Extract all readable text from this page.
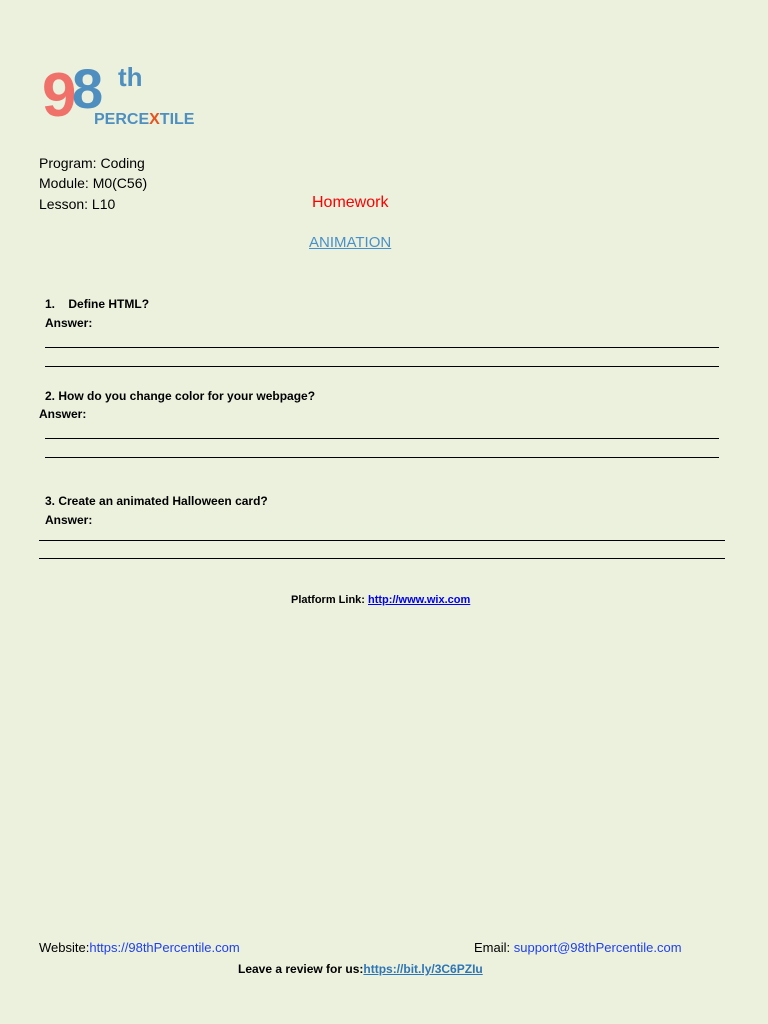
9
8 th
PERCEXTILE
Program: Coding
Module: M0(C56)
Lesson: L10	Homework
ANIMATION
1. Define HTML?
Answer:
2. How do you change color for your webpage?
Answer:
3. Create an animated Halloween card?
Answer:
Platform Link: http://www.wix.com
Website:https://98thPercentile.com	Email: support@98thPercentile.com
Leave a review for us:https://bit.ly/3C6PZIu
